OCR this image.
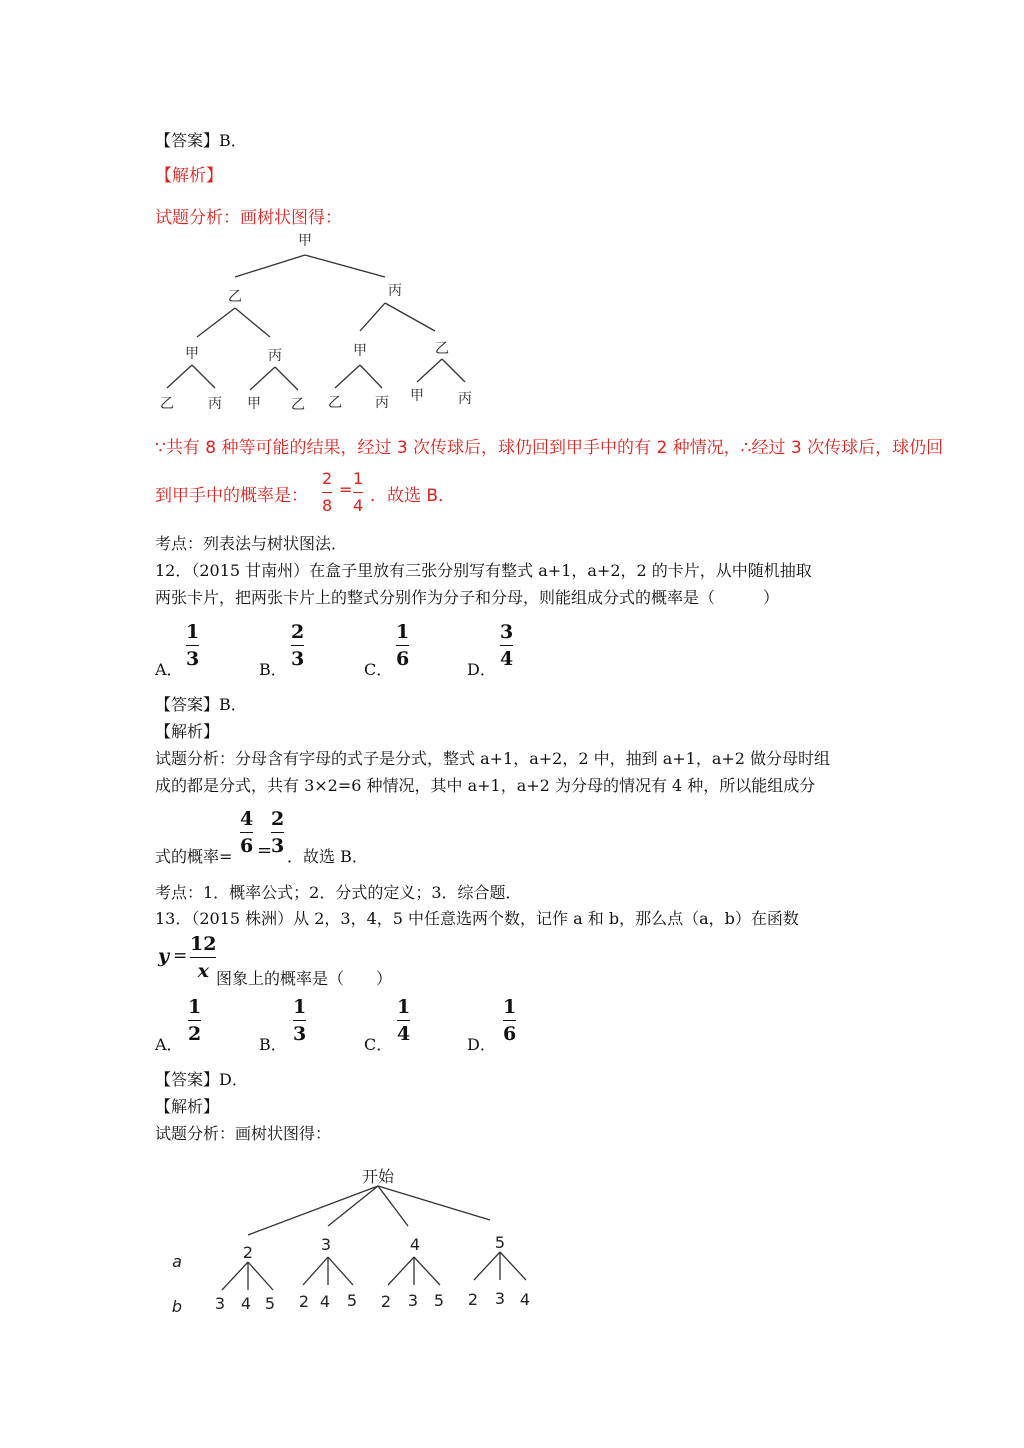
【答案】B．
【解析】
试题分析：画树状图得：
甲
乙	丙
甲	丙	甲	乙
乙 丙 甲 乙 乙 丙 甲 丙
∵共有 8 种等可能的结果，经过 3 次传球后，球仍回到甲手中的有 2 种情况，∴经过 3 次传球后，球仍回
到甲手中的概率是：
2
8
=
1
4 ．故选 B．
考点：列表法与树状图法．
12．（2015 甘南州）在盒子里放有三张分别写有整式 a+1，a+2，2 的卡片，从中随机抽取
两张卡片，把两张卡片上的整式分别作为分子和分母，则能组成分式的概率是（　　　）
A．
1
3	B．
2
3	C．
1
6	D．
3
4
【答案】B．
【解析】
试题分析：分母含有字母的式子是分式，整式 a+1，a+2，2 中，抽到 a+1，a+2 做分母时组
成的都是分式，共有 3×2=6 种情况，其中 a+1，a+2 为分母的情况有 4 种，所以能组成分
式的概率=
4
6 =
2
3 ．故选 B．
考点：1．概率公式；2．分式的定义；3．综合题．
13．（2015 株洲）从 2，3，4，5 中任意选两个数，记作 a 和 b，那么点（a，b）在函数
y =
12
x 图象上的概率是（　　）
A．
1
2	B．
1
3	C．
1
4	D．
1
6
【答案】D．
【解析】
试题分析：画树状图得：
开始
a
b
2	3	4	5
3 4 5 2 4 5 2 3 5 2 3 4
